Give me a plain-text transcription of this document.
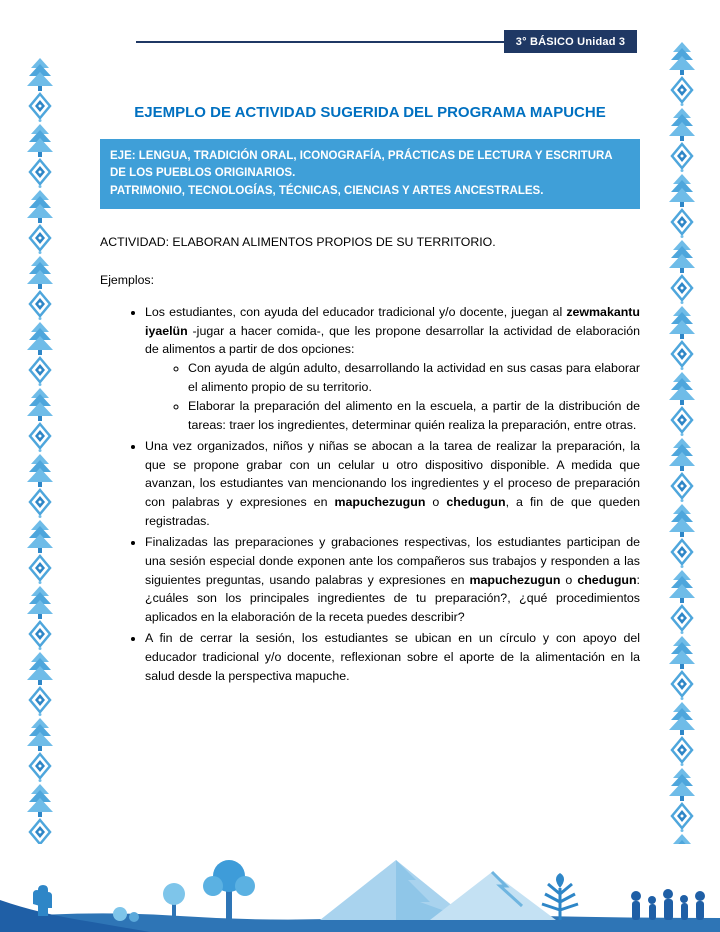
3° BÁSICO Unidad 3
EJEMPLO DE ACTIVIDAD SUGERIDA DEL PROGRAMA MAPUCHE

EJE: LENGUA, TRADICIÓN ORAL, ICONOGRAFÍA, PRÁCTICAS DE LECTURA Y ESCRITURA DE LOS PUEBLOS ORIGINARIOS.

PATRIMONIO, TECNOLOGÍAS, TÉCNICAS, CIENCIAS Y ARTES ANCESTRALES.

ACTIVIDAD: ELABORAN ALIMENTOS PROPIOS DE SU TERRITORIO.

Ejemplos:

• Los estudiantes, con ayuda del educador tradicional y/o docente, juegan al zewmakantu iyaelün -jugar a hacer comida-, que les propone desarrollar la actividad de elaboración de alimentos a partir de dos opciones:
◦ Con ayuda de algún adulto, desarrollando la actividad en sus casas para elaborar el alimento propio de su territorio.
◦ Elaborar la preparación del alimento en la escuela, a partir de la distribución de tareas: traer los ingredientes, determinar quién realiza la preparación, entre otras.
• Una vez organizados, niños y niñas se abocan a la tarea de realizar la preparación, la que se propone grabar con un celular u otro dispositivo disponible. A medida que avanzan, los estudiantes van mencionando los ingredientes y el proceso de preparación con palabras y expresiones en mapuchezugun o chedugun, a fin de que queden registradas.
• Finalizadas las preparaciones y grabaciones respectivas, los estudiantes participan de una sesión especial donde exponen ante los compañeros sus trabajos y responden a las siguientes preguntas, usando palabras y expresiones en mapuchezugun o chedugun: ¿cuáles son los principales ingredientes de tu preparación?, ¿qué procedimientos aplicados en la elaboración de la receta puedes describir?
• A fin de cerrar la sesión, los estudiantes se ubican en un círculo y con apoyo del educador tradicional y/o docente, reflexionan sobre el aporte de la alimentación en la salud desde la perspectiva mapuche.
